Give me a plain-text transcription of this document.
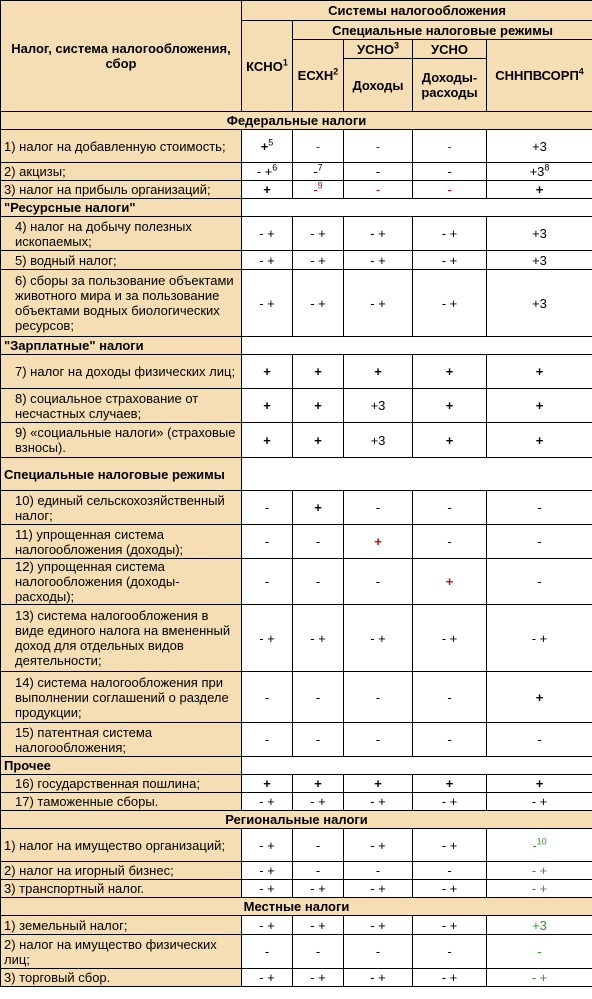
Налог, система налогообложения, сбор	Системы налогообложения				
	КСНО$^1$	Специальные налоговые режимы			
		ЕСХН$^2$	УСНО$^3$	УСНО	СННПВСОРП$^4$
			Доходы	Доходы-расходы	
Федеральные налоги					
1) налог на добавленную стоимость;	+$^5$	-	-	-	+3
2) акцизы;	- +$^6$	-$^7$	-	-	$+3^8$
3) налог на прибыль организаций;	+	-$^9$	-	-	+
"Ресурсные налоги"					
4) налог на добычу полезных ископаемых;	- +	- +	- +	- +	+3
5) водный налог;	- +	- +	- +	- +	+3
6) сборы за пользование объектами животного мира и за пользование объектами водных биологических ресурсов;	- +	- +	- +	- +	+3
"Зарплатные" налоги					
7) налог на доходы физических лиц;	+	+	+	+	+
8) социальное страхование от несчастных случаев;	+	+	+3	+	+
9) «социальные налоги» (страховые взносы).	+	+	+3	+	+
Специальные налоговые режимы					
10) единый сельскохозяйственный налог;	-	+	-	-	-
11) упрощенная система налогообложения (доходы);	-	-	+	-	-
12) упрощенная система налогообложения (доходы-расходы);	-	-	-	+	-
13) система налогообложения в виде единого налога на вмененный доход для отдельных видов деятельности;	- +	- +	- +	- +	- +
14) система налогообложения при выполнении соглашений о разделе продукции;	-	-	-	-	+
15) патентная система налогообложения;	-	-	-	-	-
Прочее					
16) государственная пошлина;	+	+	+	+	+
17) таможенные сборы.	- +	- +	- +	- +	- +
Региональные налоги					
1) налог на имущество организаций;	- +	-	- +	- +	-$^{10}$
2) налог на игорный бизнес;	- +	-	-	-	- +
3) транспортный налог.	- +	- +	- +	- +	- +
Местные налоги					
1) земельный налог;	- +	- +	- +	- +	+3
2) налог на имущество физических лиц;	-	-	-	-	-
3) торговый сбор.	- +	- +	- +	- +	- +
